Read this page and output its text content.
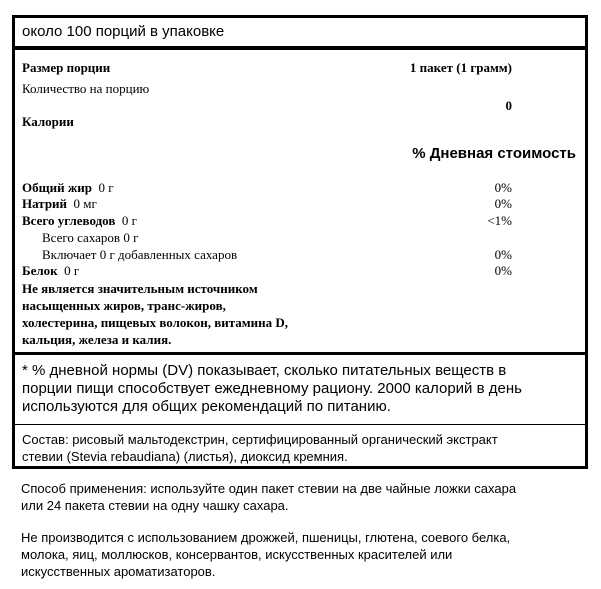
около 100 порций в упаковке
Размер порции	1 пакет (1 грамм)
Количество на порцию
0
Калории
% Дневная стоимость
Общий жир 0 г	0%
Натрий 0 мг	0%
Всего углеводов 0 г	<1%
Всего сахаров 0 г
Включает 0 г добавленных сахаров	0%
Белок 0 г	0%
Не является значительным источником
насыщенных жиров, транс-жиров,
холестерина, пищевых волокон, витамина D,
кальция, железа и калия.
* % дневной нормы (DV) показывает, сколько питательных веществ в
порции пищи способствует ежедневному рациону. 2000 калорий в день
используются для общих рекомендаций по питанию.
Состав: рисовый мальтодекстрин, сертифицированный органический экстракт
стевии (Stevia rebaudiana) (листья), диоксид кремния.
Способ применения: используйте один пакет стевии на две чайные ложки сахара
или 24 пакета стевии на одну чашку сахара.
Не производится с использованием дрожжей, пшеницы, глютена, соевого белка,
молока, яиц, моллюсков, консервантов, искусственных красителей или
искусственных ароматизаторов.
